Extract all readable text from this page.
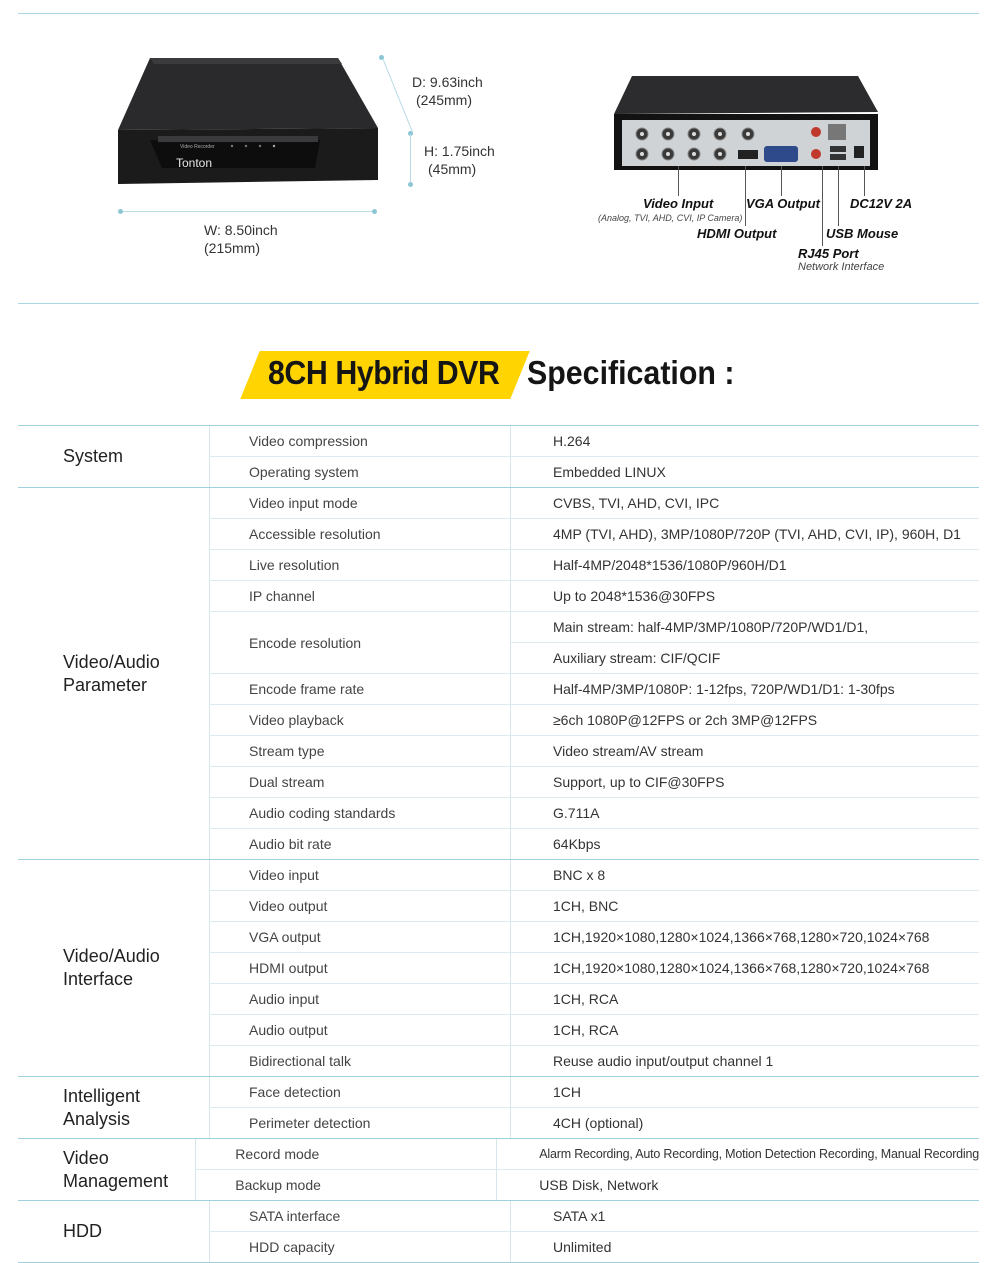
Video Recorder
Tonton
D: 9.63inch
(245mm)
H: 1.75inch
(45mm)
W: 8.50inch
(215mm)
Video Input
(Analog, TVI, AHD, CVI, IP Camera)
VGA Output DC12V 2A
HDMI Output	USB Mouse
RJ45 Port
Network Interface
8CH Hybrid DVR Specification :
System
Video compression	H.264
Operating system	Embedded LINUX
Video/Audio
Parameter
Video input mode	CVBS, TVI, AHD, CVI, IPC
Accessible resolution	4MP (TVI, AHD), 3MP/1080P/720P (TVI, AHD, CVI, IP), 960H, D1
Live resolution	Half-4MP/2048*1536/1080P/960H/D1
IP channel	Up to 2048*1536@30FPS
Encode resolution
Main stream: half-4MP/3MP/1080P/720P/WD1/D1,
Auxiliary stream: CIF/QCIF
Encode frame rate	Half-4MP/3MP/1080P: 1-12fps, 720P/WD1/D1: 1-30fps
Video playback	≥6ch 1080P@12FPS or 2ch 3MP@12FPS
Stream type	Video stream/AV stream
Dual stream	Support, up to CIF@30FPS
Audio coding standards	G.711A
Audio bit rate	64Kbps
Video/Audio
Interface
Video input	BNC x 8
Video output	1CH, BNC
VGA output	1CH,1920×1080,1280×1024,1366×768,1280×720,1024×768
HDMI output	1CH,1920×1080,1280×1024,1366×768,1280×720,1024×768
Audio input	1CH, RCA
Audio output	1CH, RCA
Bidirectional talk	Reuse audio input/output channel 1
Intelligent
Analysis
Face detection	1CH
Perimeter detection	4CH (optional)
Video
Management
Record mode	Alarm Recording, Auto Recording, Motion Detection Recording, Manual Recording
Backup mode	USB Disk, Network
HDD
SATA interface	SATA x1
HDD capacity	Unlimited
